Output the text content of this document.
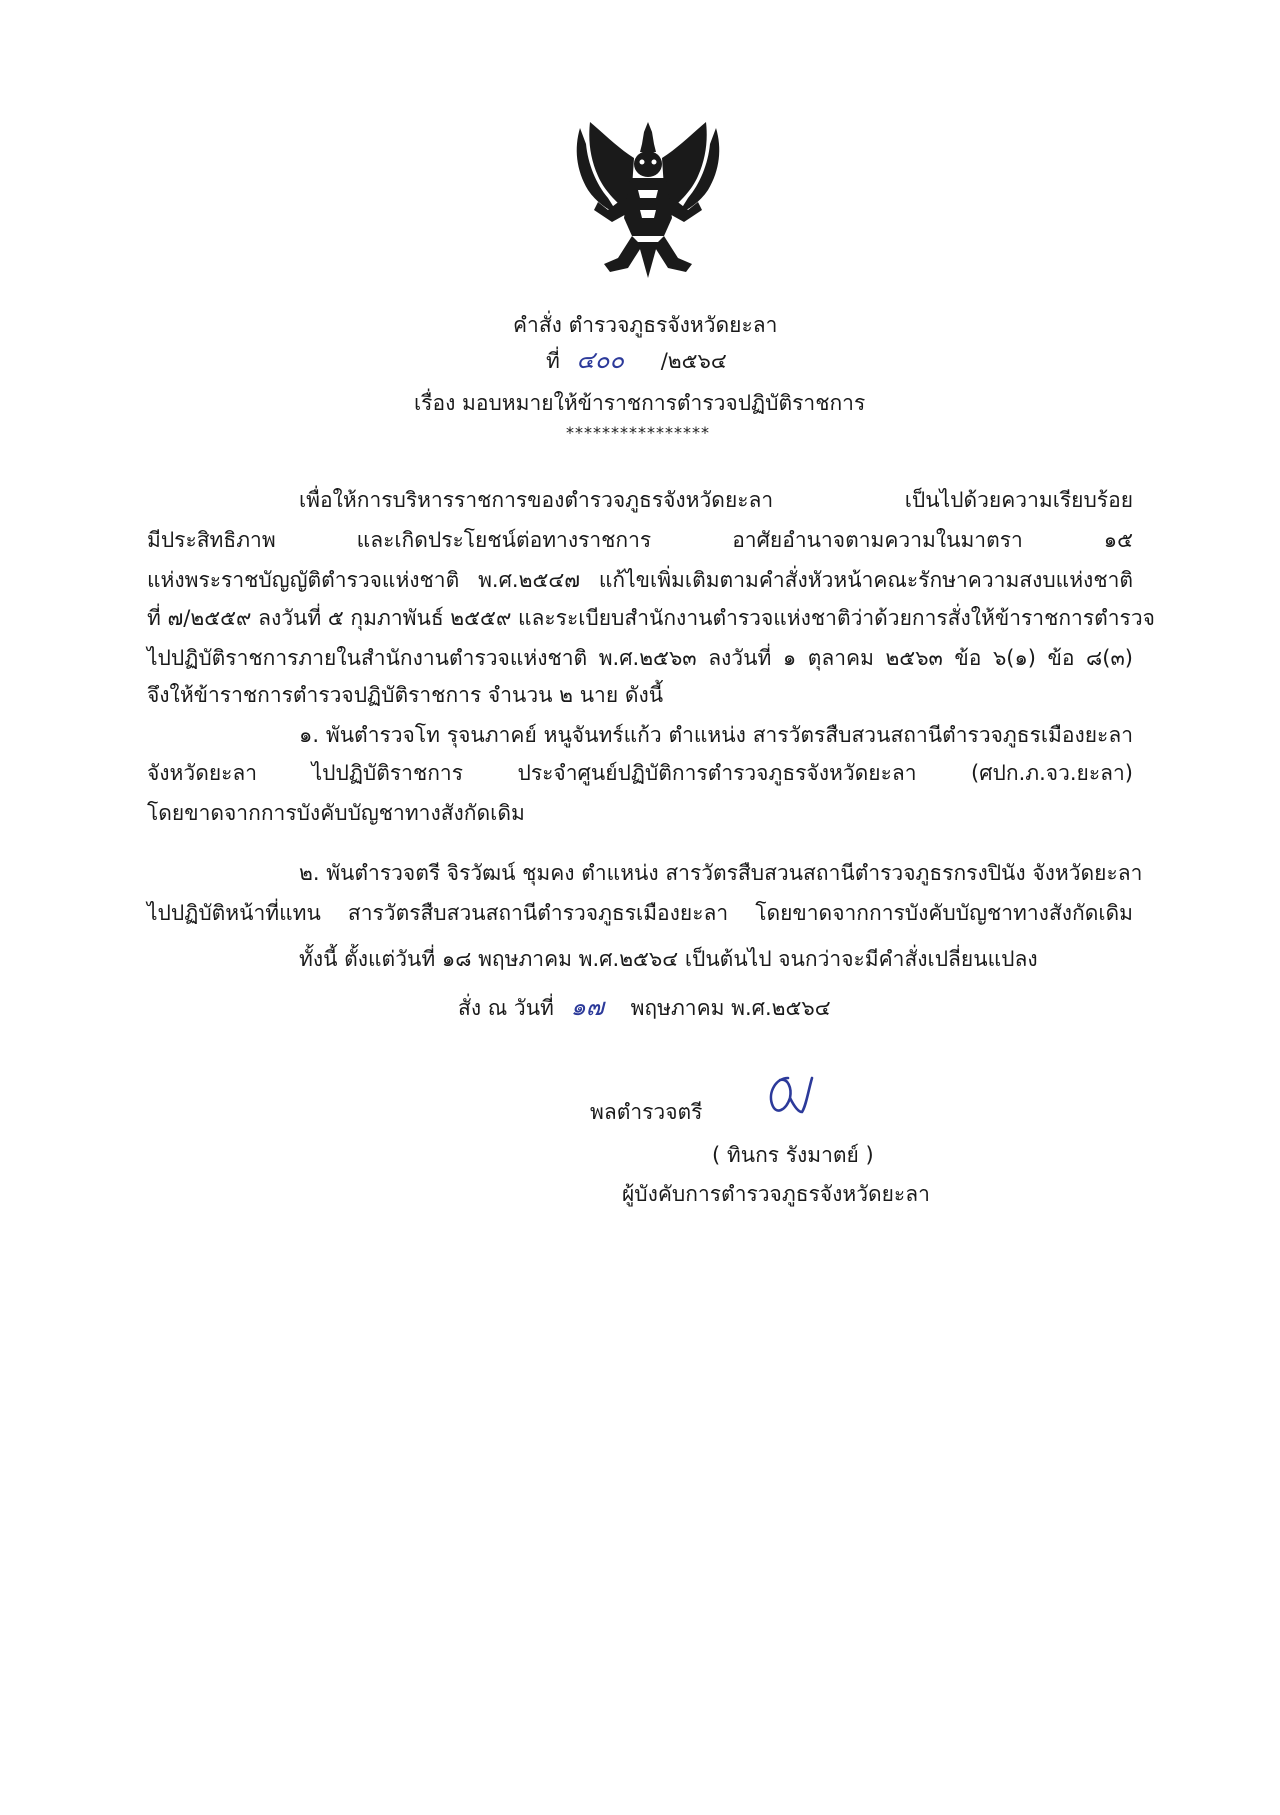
คำสั่ง ตำรวจภูธรจังหวัดยะลา
ที่ ๔๐๐ /๒๕๖๔
เรื่อง มอบหมายให้ข้าราชการตำรวจปฏิบัติราชการ
****************
เพื่อให้การบริหารราชการของตำรวจภูธรจังหวัดยะลา เป็นไปด้วยความเรียบร้อย
มีประสิทธิภาพ และเกิดประโยชน์ต่อทางราชการ อาศัยอำนาจตามความในมาตรา ๑๕
แห่งพระราชบัญญัติตำรวจแห่งชาติ พ.ศ.๒๕๔๗ แก้ไขเพิ่มเติมตามคำสั่งหัวหน้าคณะรักษาความสงบแห่งชาติ
ที่ ๗/๒๕๕๙ ลงวันที่ ๕ กุมภาพันธ์ ๒๕๕๙ และระเบียบสำนักงานตำรวจแห่งชาติว่าด้วยการสั่งให้ข้าราชการตำรวจ
ไปปฏิบัติราชการภายในสำนักงานตำรวจแห่งชาติ พ.ศ.๒๕๖๓ ลงวันที่ ๑ ตุลาคม ๒๕๖๓ ข้อ ๖(๑) ข้อ ๘(๓)
จึงให้ข้าราชการตำรวจปฏิบัติราชการ จำนวน ๒ นาย ดังนี้
๑. พันตำรวจโท รุจนภาคย์ หนูจันทร์แก้ว ตำแหน่ง สารวัตรสืบสวนสถานีตำรวจภูธรเมืองยะลา
จังหวัดยะลา ไปปฏิบัติราชการ ประจำศูนย์ปฏิบัติการตำรวจภูธรจังหวัดยะลา (ศปก.ภ.จว.ยะลา)
โดยขาดจากการบังคับบัญชาทางสังกัดเดิม
๒. พันตำรวจตรี จิรวัฒน์ ชุมคง ตำแหน่ง สารวัตรสืบสวนสถานีตำรวจภูธรกรงปินัง จังหวัดยะลา
ไปปฏิบัติหน้าที่แทน สารวัตรสืบสวนสถานีตำรวจภูธรเมืองยะลา โดยขาดจากการบังคับบัญชาทางสังกัดเดิม
ทั้งนี้ ตั้งแต่วันที่ ๑๘ พฤษภาคม พ.ศ.๒๕๖๔ เป็นต้นไป จนกว่าจะมีคำสั่งเปลี่ยนแปลง
สั่ง ณ วันที่ ๑๗ พฤษภาคม พ.ศ.๒๕๖๔
พลตำรวจตรี
( ทินกร รังมาตย์ )
ผู้บังคับการตำรวจภูธรจังหวัดยะลา
